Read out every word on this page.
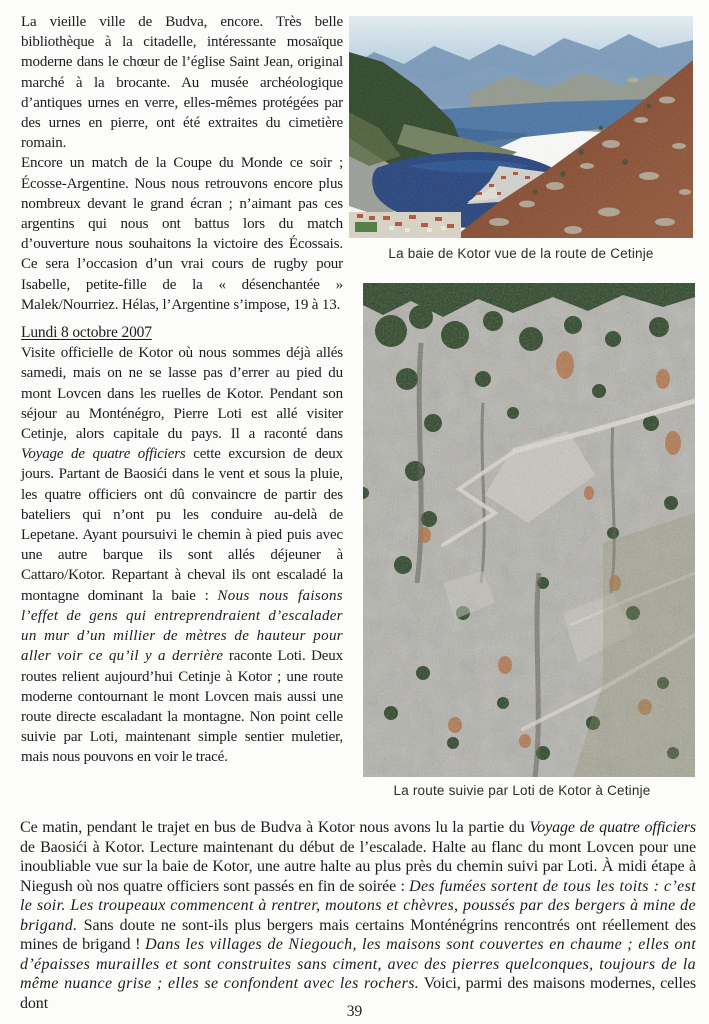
La vieille ville de Budva, encore. Très belle bibliothèque à la citadelle, intéressante mosaïque moderne dans le chœur de l’église Saint Jean, original marché à la brocante. Au musée archéologique d’antiques urnes en verre, elles-mêmes protégées par des urnes en pierre, ont été extraites du cimetière romain.

Encore un match de la Coupe du Monde ce soir ; Écosse-Argentine. Nous nous retrouvons encore plus nombreux devant le grand écran ; n’aimant pas ces argentins qui nous ont battus lors du match d’ouverture nous souhaitons la victoire des Écossais. Ce sera l’occasion d’un vrai cours de rugby pour Isabelle, petite-fille de la « désenchantée » Malek/Nourriez. Hélas, l’Argentine s’impose, 19 à 13.

Lundi 8 octobre 2007

Visite officielle de Kotor où nous sommes déjà allés samedi, mais on ne se lasse pas d’errer au pied du mont Lovcen dans les ruelles de Kotor. Pendant son séjour au Monténégro, Pierre Loti est allé visiter Cetinje, alors capitale du pays. Il a raconté dans Voyage de quatre officiers cette excursion de deux jours. Partant de Baosići dans le vent et sous la pluie, les quatre officiers ont dû convaincre de partir des bateliers qui n’ont pu les conduire au-delà de Lepetane. Ayant poursuivi le chemin à pied puis avec une autre barque ils sont allés déjeuner à Cattaro/Kotor. Repartant à cheval ils ont escaladé la montagne dominant la baie : Nous nous faisons l’effet de gens qui entreprendraient d’escalader un mur d’un millier de mètres de hauteur pour aller voir ce qu’il y a derrière raconte Loti. Deux routes relient aujourd’hui Cetinje à Kotor ; une route moderne contournant le mont Lovcen mais aussi une route directe escaladant la montagne. Non point celle suivie par Loti, maintenant simple sentier muletier, mais nous pouvons en voir le tracé.

La baie de Kotor vue de la route de Cetinje
La route suivie par Loti de Kotor à Cetinje
Ce matin, pendant le trajet en bus de Budva à Kotor nous avons lu la partie du Voyage de quatre officiers de Baosići à Kotor. Lecture maintenant du début de l’escalade. Halte au flanc du mont Lovcen pour une inoubliable vue sur la baie de Kotor, une autre halte au plus près du chemin suivi par Loti. À midi étape à Niegush où nos quatre officiers sont passés en fin de soirée : Des fumées sortent de tous les toits : c’est le soir. Les troupeaux commencent à rentrer, moutons et chèvres, poussés par des bergers à mine de brigand. Sans doute ne sont-ils plus bergers mais certains Monténégrins rencontrés ont réellement des mines de brigand ! Dans les villages de Niegouch, les maisons sont couvertes en chaume ; elles ont d’épaisses murailles et sont construites sans ciment, avec des pierres quelconques, toujours de la même nuance grise ; elles se confondent avec les rochers. Voici, parmi des maisons modernes, celles dont	39
